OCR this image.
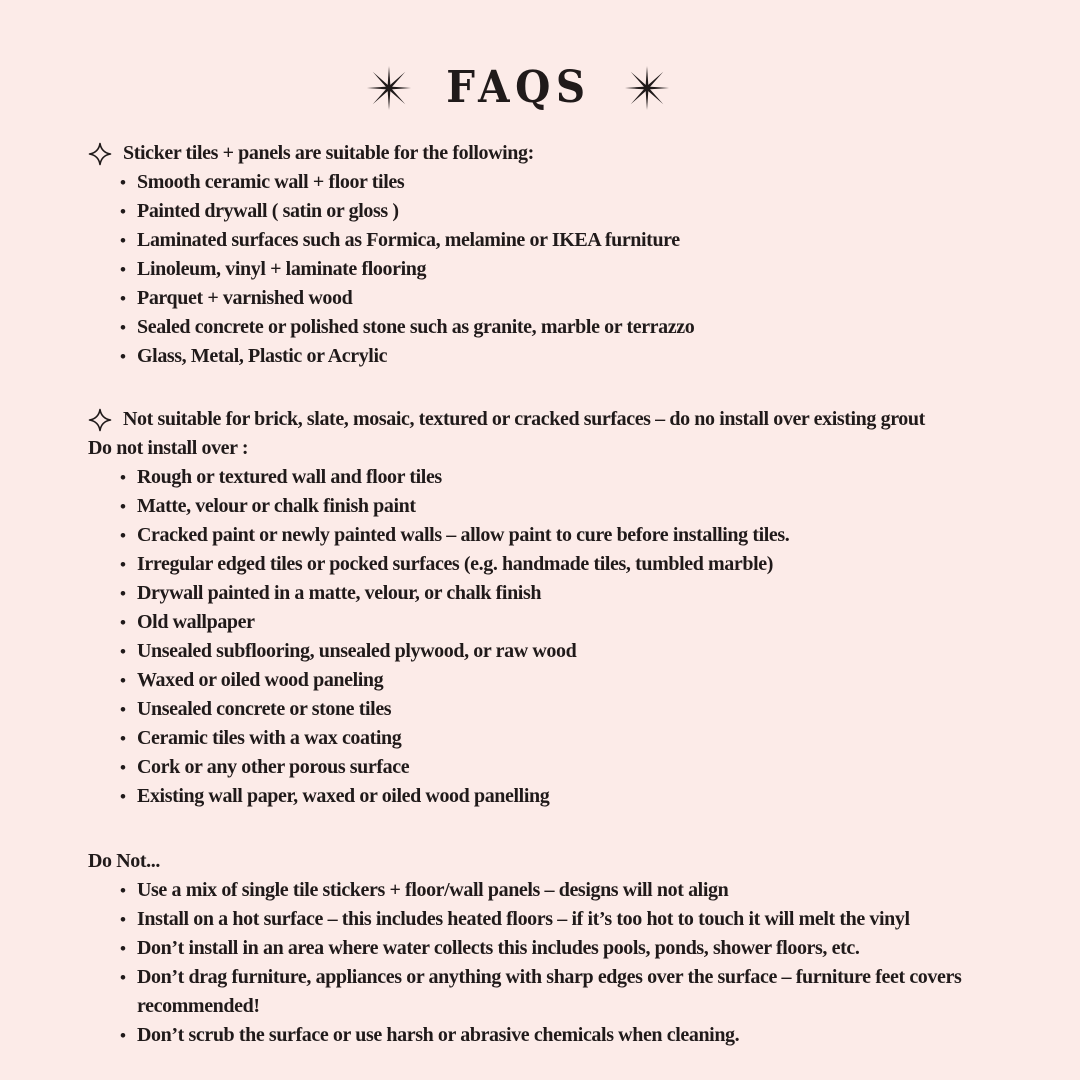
FAQS
Sticker tiles + panels are suitable for the following:
• Smooth ceramic wall + floor tiles
• Painted drywall ( satin or gloss )
• Laminated surfaces such as Formica, melamine or IKEA furniture
• Linoleum, vinyl + laminate flooring
• Parquet + varnished wood
• Sealed concrete or polished stone such as granite, marble or terrazzo
• Glass, Metal, Plastic or Acrylic
Not suitable for brick, slate, mosaic, textured or cracked surfaces – do no install over existing grout

Do not install over :

• Rough or textured wall and floor tiles
• Matte, velour or chalk finish paint
• Cracked paint or newly painted walls – allow paint to cure before installing tiles.
• Irregular edged tiles or pocked surfaces (e.g. handmade tiles, tumbled marble)
• Drywall painted in a matte, velour, or chalk finish
• Old wallpaper
• Unsealed subflooring, unsealed plywood, or raw wood
• Waxed or oiled wood paneling
• Unsealed concrete or stone tiles
• Ceramic tiles with a wax coating
• Cork or any other porous surface
• Existing wall paper, waxed or oiled wood panelling
Do Not...
• Use a mix of single tile stickers + floor/wall panels – designs will not align
• Install on a hot surface – this includes heated floors – if it’s too hot to touch it will melt the vinyl
• Don’t install in an area where water collects this includes pools, ponds, shower floors, etc.
• Don’t drag furniture, appliances or anything with sharp edges over the surface – furniture feet covers recommended!
• Don’t scrub the surface or use harsh or abrasive chemicals when cleaning.
